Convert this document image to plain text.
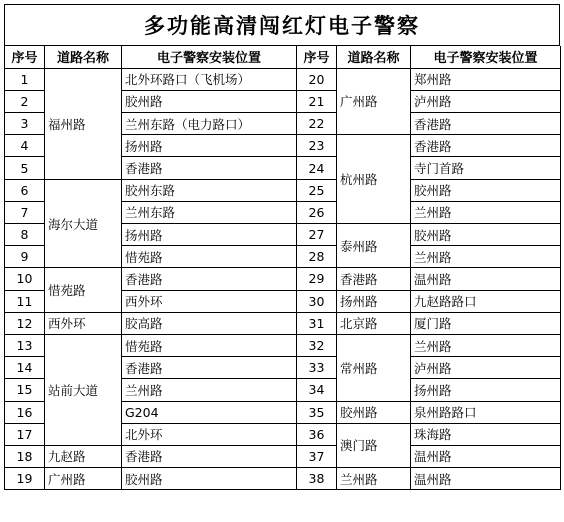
多功能高清闯红灯电子警察
序号	道路名称	电子警察安装位置	序号	道路名称	电子警察安装位置
1	福州路	北外环路口（飞机场）	20	广州路	郑州路
2		胶州路	21		泸州路
3		兰州东路（电力路口）	22		香港路
4		扬州路	23	杭州路	香港路
5		香港路	24		寺门首路
6	海尔大道	胶州东路	25		胶州路
7		兰州东路	26		兰州路
8		扬州路	27	泰州路	胶州路
9		惜苑路	28		兰州路
10	惜苑路	香港路	29	香港路	温州路
11		西外环	30	扬州路	九赵路路口
12	西外环	胶高路	31	北京路	厦门路
13	站前大道	惜苑路	32	常州路	兰州路
14		香港路	33		泸州路
15		兰州路	34		扬州路
16		G204	35	胶州路	泉州路路口
17		北外环	36	澳门路	珠海路
18	九赵路	香港路	37		温州路
19	广州路	胶州路	38	兰州路	温州路
